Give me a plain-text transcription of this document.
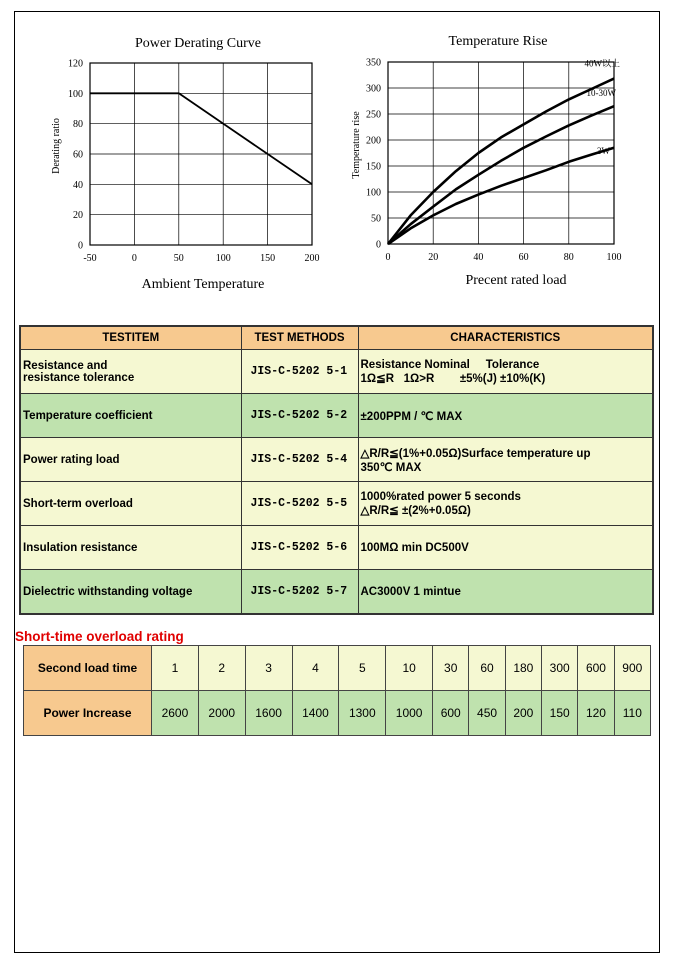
Power Derating Curve
-50	0	50	100	150	200
0
20
40
60
80
100
120
Derating ratio
Ambient Temperature
Temperature Rise
0	20	40	60	80	100
0
50
100
150
200
250
300
350	40W以上
10-30W
3W
Temperature rise
Precent rated load
TESTITEM	TEST METHODS	CHARACTERISTICS
Resistance and
resistance tolerance	JIS-C-5202 5-1	Resistance Nominal     Tolerance
1Ω≦R   1Ω>R        ±5%(J) ±10%(K)
Temperature coefficient	JIS-C-5202 5-2	±200PPM / ℃ MAX
Power rating load	JIS-C-5202 5-4	△R/R≦(1%+0.05Ω)Surface temperature up
350℃ MAX
Short-term overload	JIS-C-5202 5-5	1000%rated power 5 seconds
△R/R≦ ±(2%+0.05Ω)
Insulation resistance	JIS-C-5202 5-6	100MΩ min DC500V
Dielectric withstanding voltage	JIS-C-5202 5-7	AC3000V 1 mintue
Short-time overload rating
Second load time	1	2	3	4	5	10	30	60	180	300	600	900
Power Increase	2600	2000	1600	1400	1300	1000	600	450	200	150	120	110
